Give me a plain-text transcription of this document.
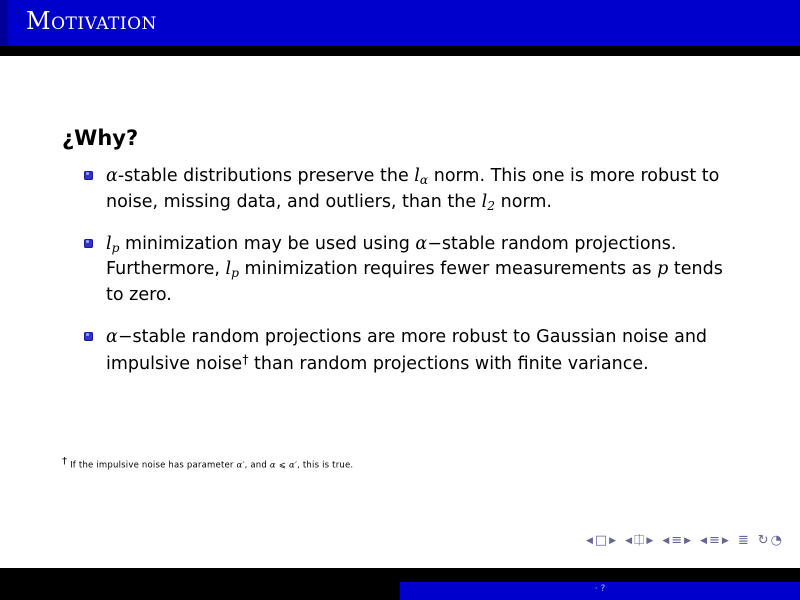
Motivation
¿Why?
α-stable distributions preserve the $l_\alpha$ norm. This one is more robust to noise, missing data, and outliers, than the $l_2$ norm.
$l_p$ minimization may be used using α−stable random projections. Furthermore, $l_p$ minimization requires fewer measurements as p tends to zero.
α−stable random projections are more robust to Gaussian noise and impulsive noise† than random projections with finite variance.
† If the impulsive noise has parameter α′, and α ⩽ α′, this is true.
◀ □ ▶ ◀ ⎅ ▶ ◀ ≡ ▶ ◀ ≡ ▶ ≣ ↻ ◔
· ?
